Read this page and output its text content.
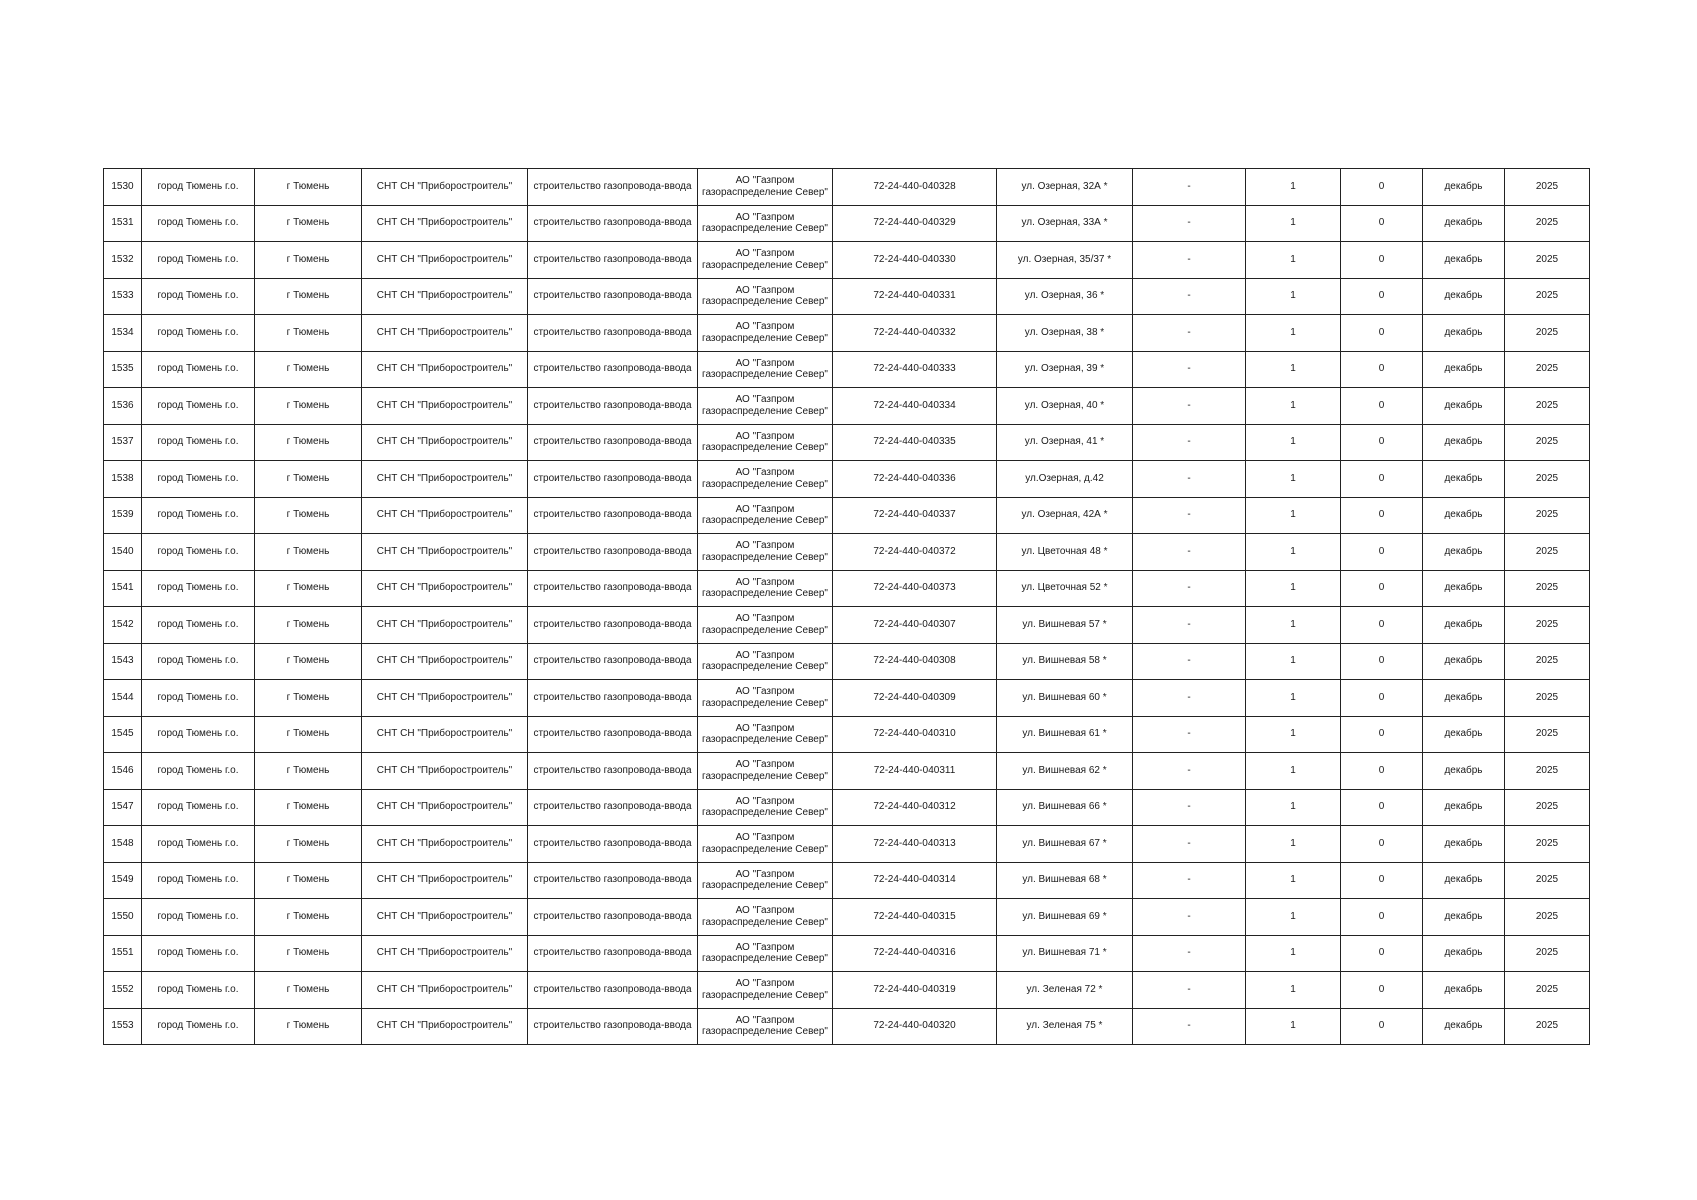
1530	город Тюмень г.о.	г Тюмень	СНТ СН "Приборостроитель"	строительство газопровода-ввода	АО "Газпром газораспределение Север"	72-24-440-040328	ул. Озерная, 32А *	-	1	0	декабрь	2025
1531	город Тюмень г.о.	г Тюмень	СНТ СН "Приборостроитель"	строительство газопровода-ввода	АО "Газпром газораспределение Север"	72-24-440-040329	ул. Озерная, 33А *	-	1	0	декабрь	2025
1532	город Тюмень г.о.	г Тюмень	СНТ СН "Приборостроитель"	строительство газопровода-ввода	АО "Газпром газораспределение Север"	72-24-440-040330	ул. Озерная, 35/37 *	-	1	0	декабрь	2025
1533	город Тюмень г.о.	г Тюмень	СНТ СН "Приборостроитель"	строительство газопровода-ввода	АО "Газпром газораспределение Север"	72-24-440-040331	ул. Озерная, 36 *	-	1	0	декабрь	2025
1534	город Тюмень г.о.	г Тюмень	СНТ СН "Приборостроитель"	строительство газопровода-ввода	АО "Газпром газораспределение Север"	72-24-440-040332	ул. Озерная, 38 *	-	1	0	декабрь	2025
1535	город Тюмень г.о.	г Тюмень	СНТ СН "Приборостроитель"	строительство газопровода-ввода	АО "Газпром газораспределение Север"	72-24-440-040333	ул. Озерная, 39 *	-	1	0	декабрь	2025
1536	город Тюмень г.о.	г Тюмень	СНТ СН "Приборостроитель"	строительство газопровода-ввода	АО "Газпром газораспределение Север"	72-24-440-040334	ул. Озерная, 40 *	-	1	0	декабрь	2025
1537	город Тюмень г.о.	г Тюмень	СНТ СН "Приборостроитель"	строительство газопровода-ввода	АО "Газпром газораспределение Север"	72-24-440-040335	ул. Озерная, 41 *	-	1	0	декабрь	2025
1538	город Тюмень г.о.	г Тюмень	СНТ СН "Приборостроитель"	строительство газопровода-ввода	АО "Газпром газораспределение Север"	72-24-440-040336	ул.Озерная, д.42	-	1	0	декабрь	2025
1539	город Тюмень г.о.	г Тюмень	СНТ СН "Приборостроитель"	строительство газопровода-ввода	АО "Газпром газораспределение Север"	72-24-440-040337	ул. Озерная, 42А *	-	1	0	декабрь	2025
1540	город Тюмень г.о.	г Тюмень	СНТ СН "Приборостроитель"	строительство газопровода-ввода	АО "Газпром газораспределение Север"	72-24-440-040372	ул. Цветочная 48 *	-	1	0	декабрь	2025
1541	город Тюмень г.о.	г Тюмень	СНТ СН "Приборостроитель"	строительство газопровода-ввода	АО "Газпром газораспределение Север"	72-24-440-040373	ул. Цветочная 52 *	-	1	0	декабрь	2025
1542	город Тюмень г.о.	г Тюмень	СНТ СН "Приборостроитель"	строительство газопровода-ввода	АО "Газпром газораспределение Север"	72-24-440-040307	ул. Вишневая 57 *	-	1	0	декабрь	2025
1543	город Тюмень г.о.	г Тюмень	СНТ СН "Приборостроитель"	строительство газопровода-ввода	АО "Газпром газораспределение Север"	72-24-440-040308	ул. Вишневая 58 *	-	1	0	декабрь	2025
1544	город Тюмень г.о.	г Тюмень	СНТ СН "Приборостроитель"	строительство газопровода-ввода	АО "Газпром газораспределение Север"	72-24-440-040309	ул. Вишневая 60 *	-	1	0	декабрь	2025
1545	город Тюмень г.о.	г Тюмень	СНТ СН "Приборостроитель"	строительство газопровода-ввода	АО "Газпром газораспределение Север"	72-24-440-040310	ул. Вишневая 61 *	-	1	0	декабрь	2025
1546	город Тюмень г.о.	г Тюмень	СНТ СН "Приборостроитель"	строительство газопровода-ввода	АО "Газпром газораспределение Север"	72-24-440-040311	ул. Вишневая 62 *	-	1	0	декабрь	2025
1547	город Тюмень г.о.	г Тюмень	СНТ СН "Приборостроитель"	строительство газопровода-ввода	АО "Газпром газораспределение Север"	72-24-440-040312	ул. Вишневая 66 *	-	1	0	декабрь	2025
1548	город Тюмень г.о.	г Тюмень	СНТ СН "Приборостроитель"	строительство газопровода-ввода	АО "Газпром газораспределение Север"	72-24-440-040313	ул. Вишневая 67 *	-	1	0	декабрь	2025
1549	город Тюмень г.о.	г Тюмень	СНТ СН "Приборостроитель"	строительство газопровода-ввода	АО "Газпром газораспределение Север"	72-24-440-040314	ул. Вишневая 68 *	-	1	0	декабрь	2025
1550	город Тюмень г.о.	г Тюмень	СНТ СН "Приборостроитель"	строительство газопровода-ввода	АО "Газпром газораспределение Север"	72-24-440-040315	ул. Вишневая 69 *	-	1	0	декабрь	2025
1551	город Тюмень г.о.	г Тюмень	СНТ СН "Приборостроитель"	строительство газопровода-ввода	АО "Газпром газораспределение Север"	72-24-440-040316	ул. Вишневая 71 *	-	1	0	декабрь	2025
1552	город Тюмень г.о.	г Тюмень	СНТ СН "Приборостроитель"	строительство газопровода-ввода	АО "Газпром газораспределение Север"	72-24-440-040319	ул. Зеленая 72 *	-	1	0	декабрь	2025
1553	город Тюмень г.о.	г Тюмень	СНТ СН "Приборостроитель"	строительство газопровода-ввода	АО "Газпром газораспределение Север"	72-24-440-040320	ул. Зеленая 75 *	-	1	0	декабрь	2025
